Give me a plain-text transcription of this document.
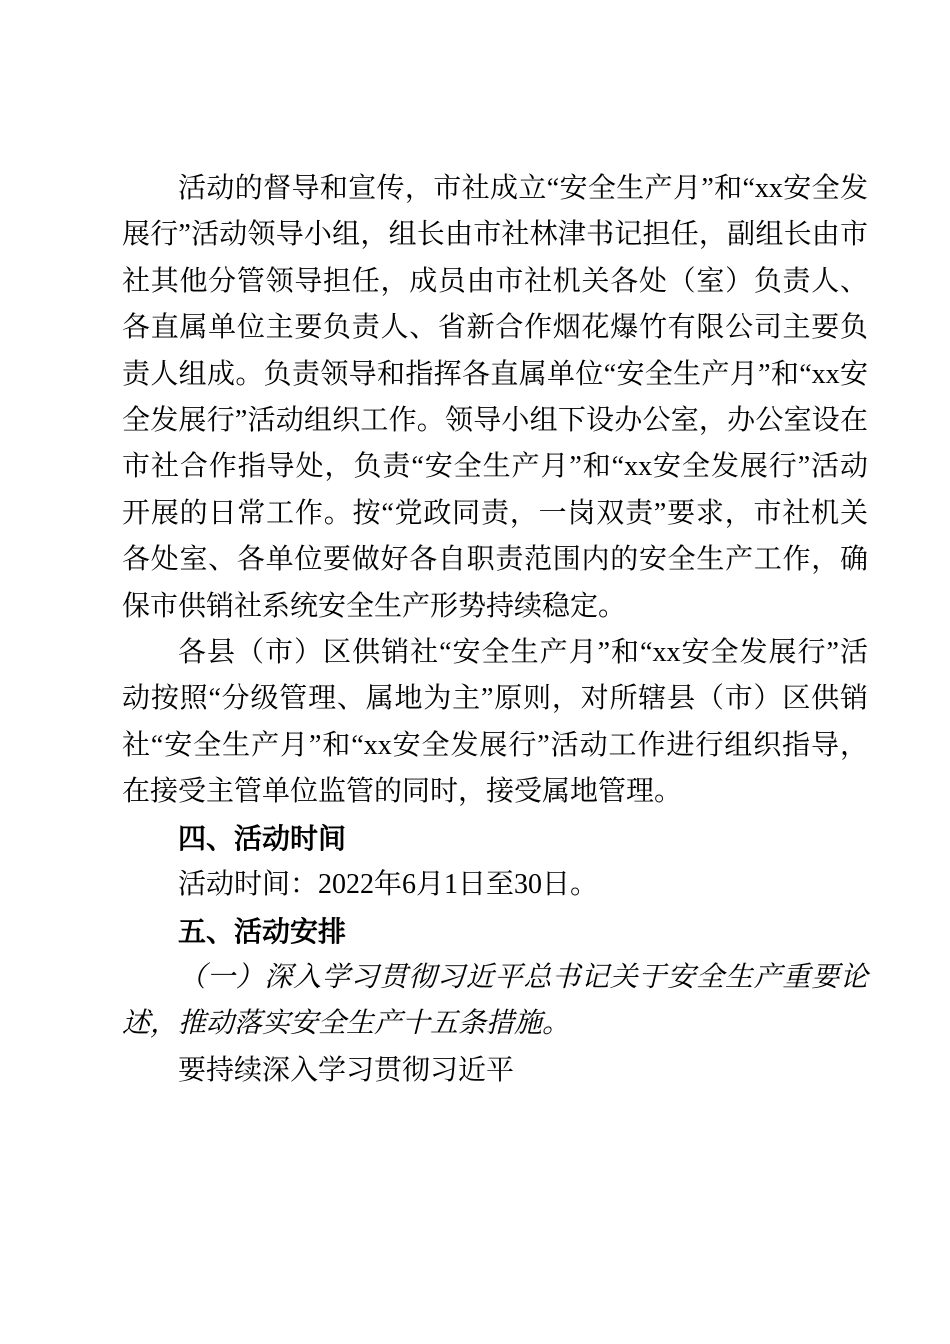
活动的督导和宣传，市社成立“安全生产月”和“xx安全发展行”活动领导小组，组长由市社林津书记担任，副组长由市社其他分管领导担任，成员由市社机关各处（室）负责人、各直属单位主要负责人、省新合作烟花爆竹有限公司主要负责人组成。负责领导和指挥各直属单位“安全生产月”和“xx安全发展行”活动组织工作。领导小组下设办公室，办公室设在市社合作指导处，负责“安全生产月”和“xx安全发展行”活动开展的日常工作。按“党政同责，一岗双责”要求，市社机关各处室、各单位要做好各自职责范围内的安全生产工作，确保市供销社系统安全生产形势持续稳定。

各县（市）区供销社“安全生产月”和“xx安全发展行”活动按照“分级管理、属地为主”原则，对所辖县（市）区供销社“安全生产月”和“xx安全发展行”活动工作进行组织指导，在接受主管单位监管的同时，接受属地管理。

四、活动时间

活动时间：2022年6月1日至30日。

五、活动安排

（一）深入学习贯彻习近平总书记关于安全生产重要论述，推动落实安全生产十五条措施。

要持续深入学习贯彻习近平
